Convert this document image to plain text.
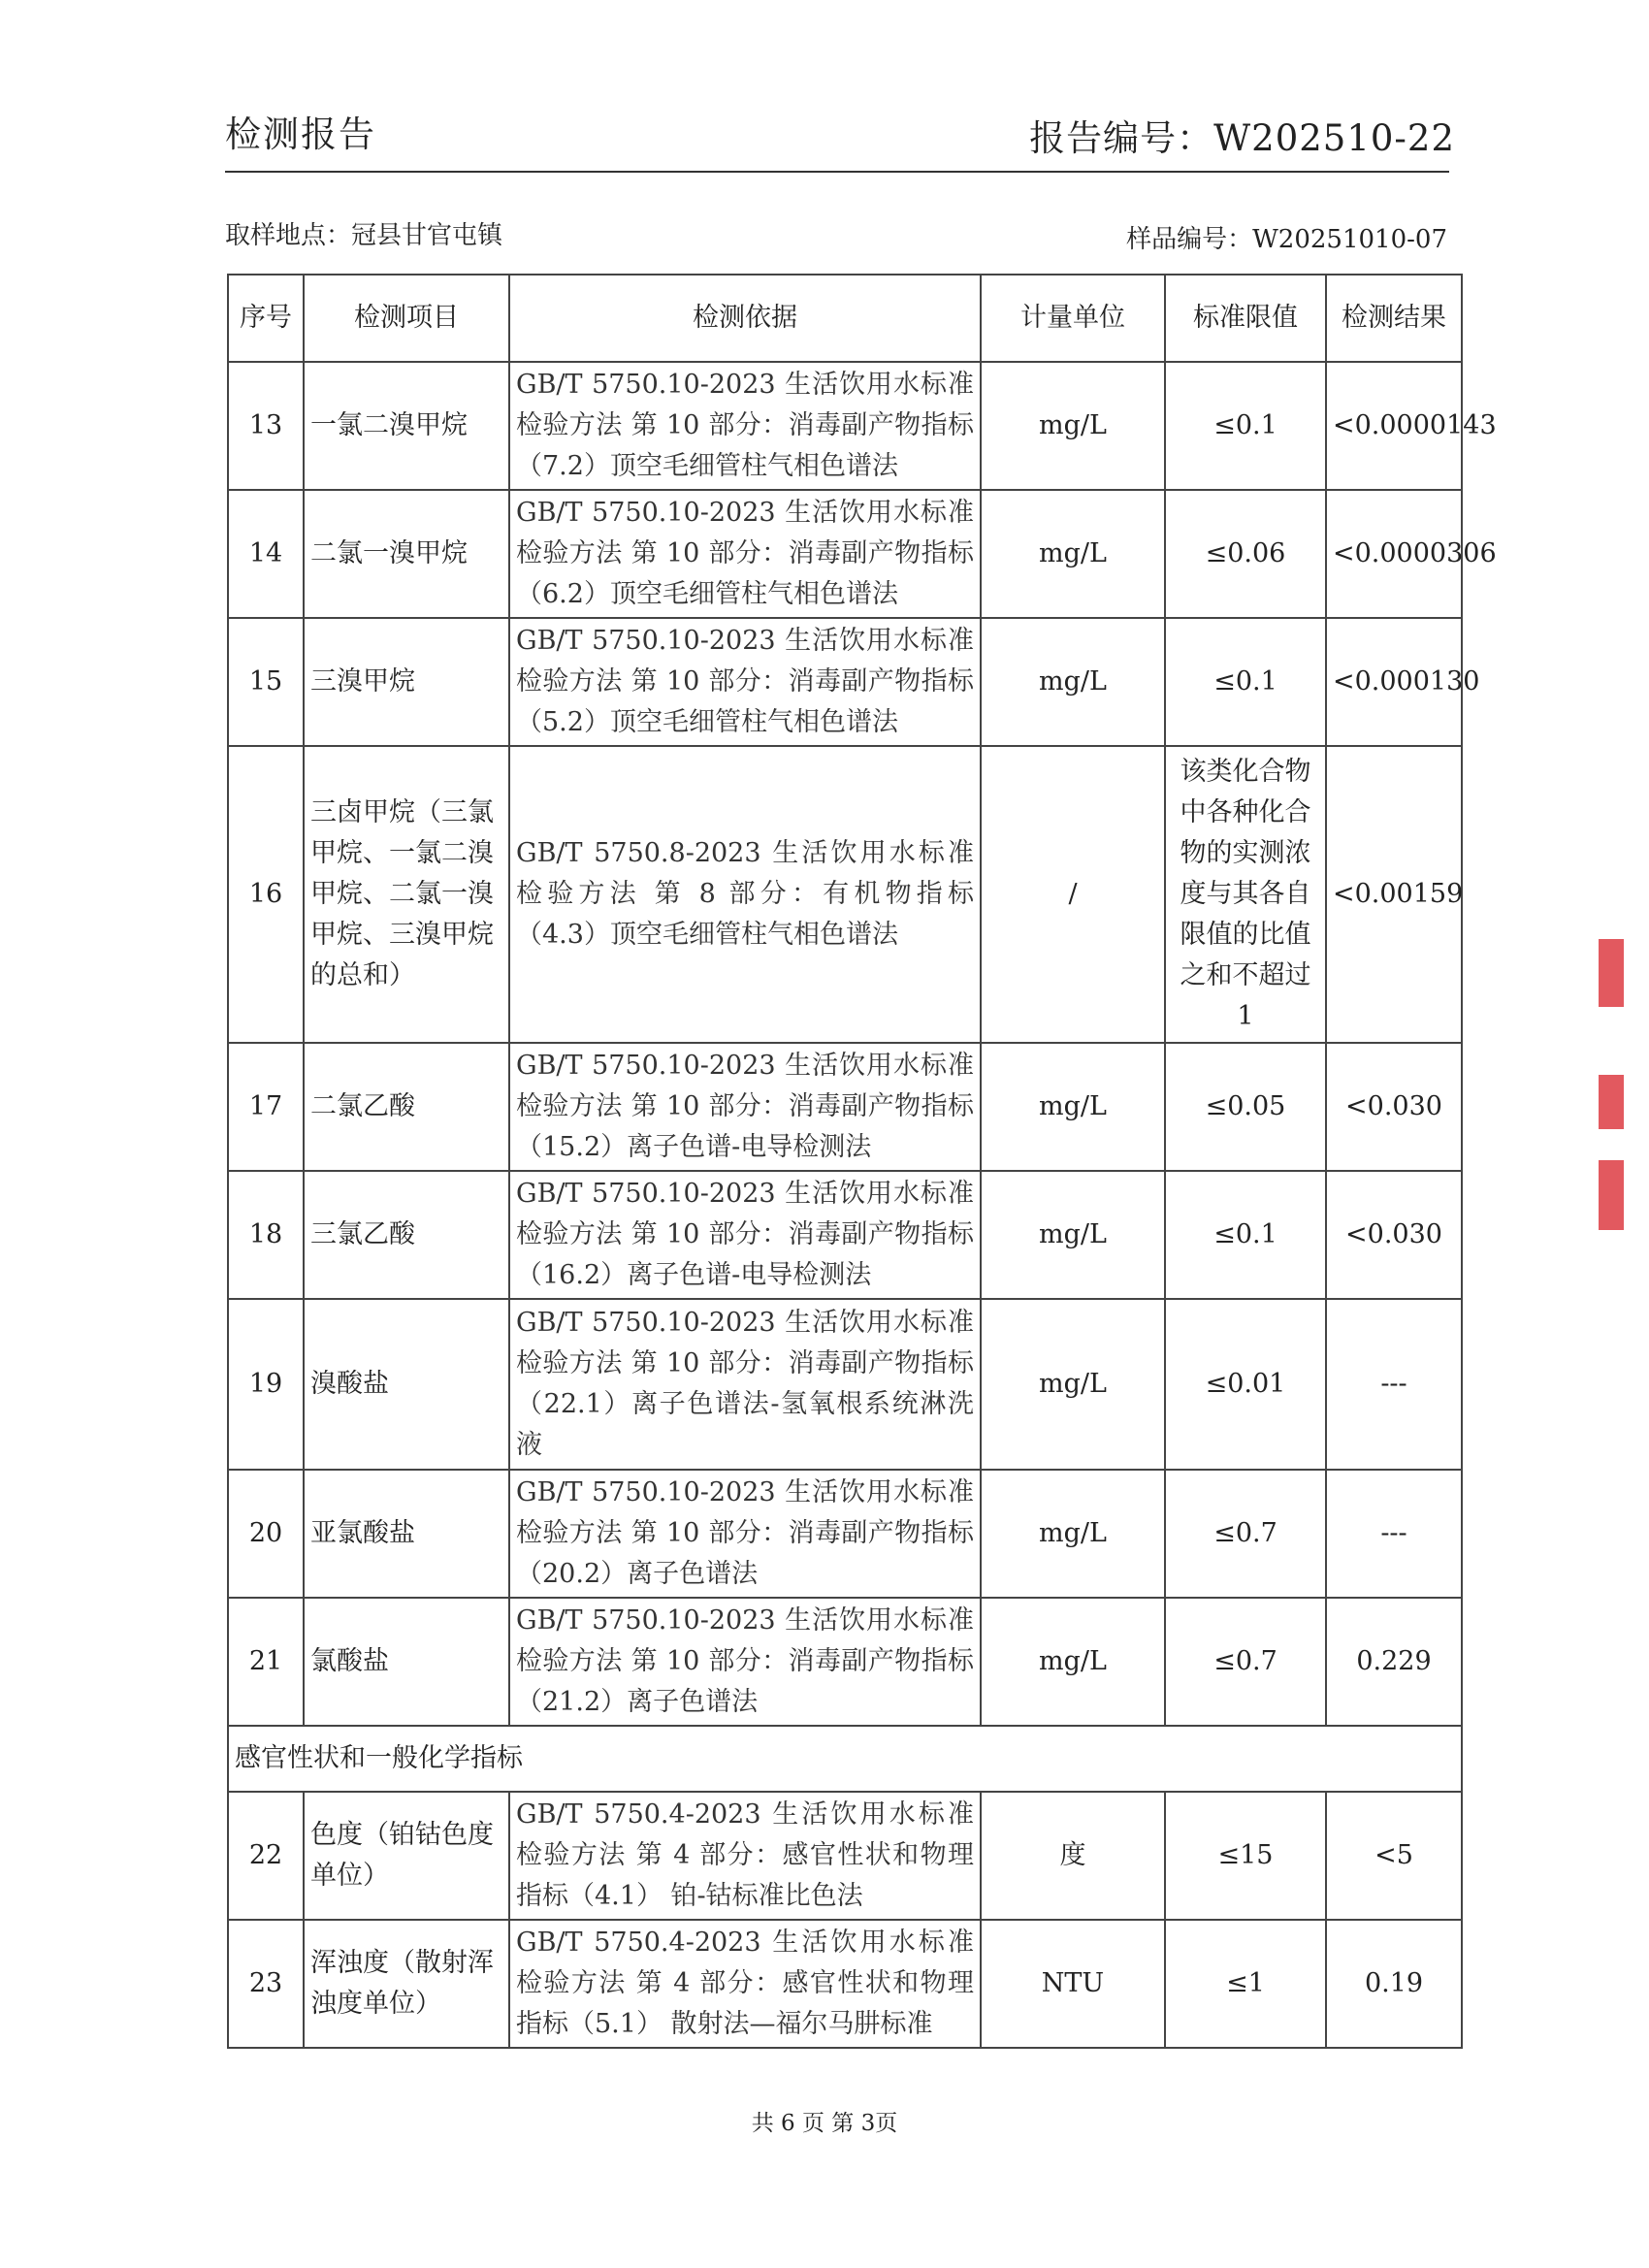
检测报告	报告编号：W202510-22
取样地点：冠县甘官屯镇	样品编号：W20251010-07
序号	检测项目	检测依据	计量单位	标准限值	检测结果
13	一氯二溴甲烷	GB/T 5750.10-2023 生活饮用水标准检验方法 第 10 部分：消毒副产物指标（7.2）顶空毛细管柱气相色谱法	mg/L	≤0.1	<0.0000143
14	二氯一溴甲烷	GB/T 5750.10-2023 生活饮用水标准检验方法 第 10 部分：消毒副产物指标（6.2）顶空毛细管柱气相色谱法	mg/L	≤0.06	<0.0000306
15	三溴甲烷	GB/T 5750.10-2023 生活饮用水标准检验方法 第 10 部分：消毒副产物指标（5.2）顶空毛细管柱气相色谱法	mg/L	≤0.1	<0.000130
16	三卤甲烷（三氯甲烷、一氯二溴甲烷、二氯一溴甲烷、三溴甲烷的总和）	GB/T 5750.8-2023 生活饮用水标准检验方法 第 8 部分：有机物指标（4.3）顶空毛细管柱气相色谱法	/	该类化合物中各种化合物的实测浓度与其各自限值的比值之和不超过1	<0.00159
17	二氯乙酸	GB/T 5750.10-2023 生活饮用水标准检验方法 第 10 部分：消毒副产物指标（15.2）离子色谱-电导检测法	mg/L	≤0.05	<0.030
18	三氯乙酸	GB/T 5750.10-2023 生活饮用水标准检验方法 第 10 部分：消毒副产物指标（16.2）离子色谱-电导检测法	mg/L	≤0.1	<0.030
19	溴酸盐	GB/T 5750.10-2023 生活饮用水标准检验方法 第 10 部分：消毒副产物指标（22.1）离子色谱法-氢氧根系统淋洗液	mg/L	≤0.01	---
20	亚氯酸盐	GB/T 5750.10-2023 生活饮用水标准检验方法 第 10 部分：消毒副产物指标（20.2）离子色谱法	mg/L	≤0.7	---
21	氯酸盐	GB/T 5750.10-2023 生活饮用水标准检验方法 第 10 部分：消毒副产物指标（21.2）离子色谱法	mg/L	≤0.7	0.229
感官性状和一般化学指标					
22	色度（铂钴色度单位）	GB/T 5750.4-2023 生活饮用水标准检验方法 第 4 部分：感官性状和物理指标（4.1） 铂-钴标准比色法	度	≤15	<5
23	浑浊度（散射浑浊度单位）	GB/T 5750.4-2023 生活饮用水标准检验方法 第 4 部分：感官性状和物理指标（5.1） 散射法—福尔马肼标准	NTU	≤1	0.19
共 6 页 第 3页
